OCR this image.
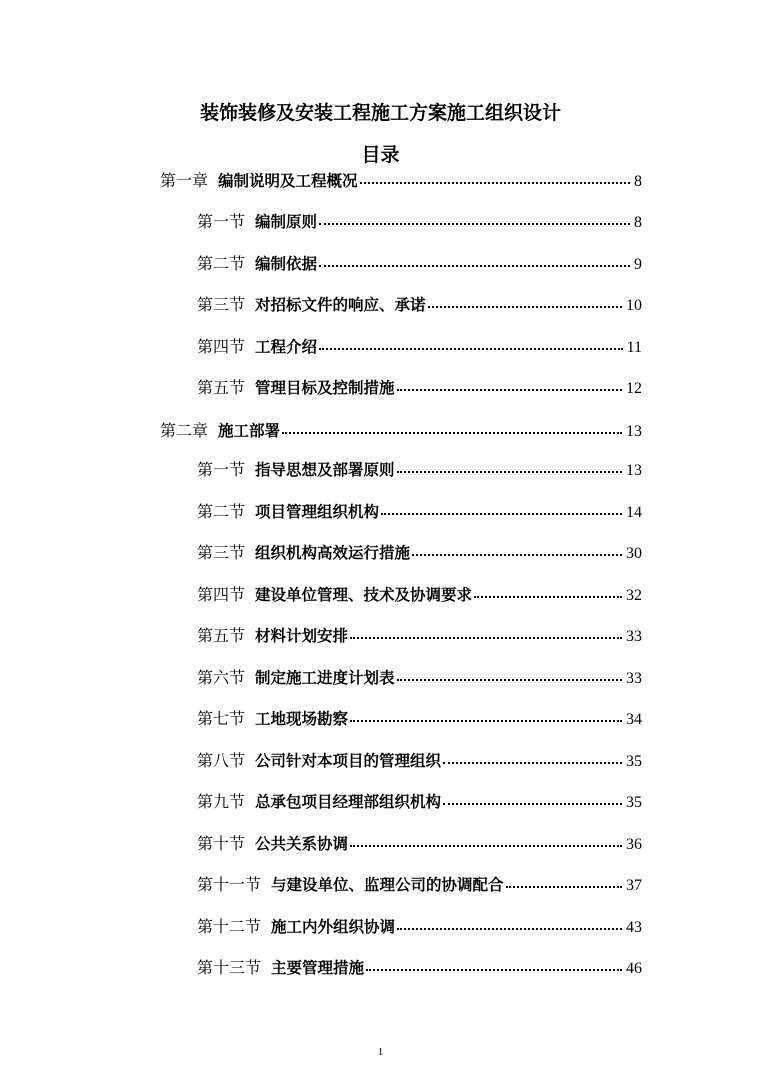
装饰装修及安装工程施工方案施工组织设计
目录
第一章 编制说明及工程概况	8
第一节 编制原则	8
第二节 编制依据	9
第三节 对招标文件的响应、承诺	10
第四节 工程介绍	11
第五节 管理目标及控制措施	12
第二章 施工部署	13
第一节 指导思想及部署原则	13
第二节 项目管理组织机构	14
第三节 组织机构高效运行措施	30
第四节 建设单位管理、技术及协调要求	32
第五节 材料计划安排	33
第六节 制定施工进度计划表	33
第七节 工地现场勘察	34
第八节 公司针对本项目的管理组织	35
第九节 总承包项目经理部组织机构	35
第十节 公共关系协调	36
第十一节 与建设单位、监理公司的协调配合	37
第十二节 施工内外组织协调	43
第十三节 主要管理措施	46
1
